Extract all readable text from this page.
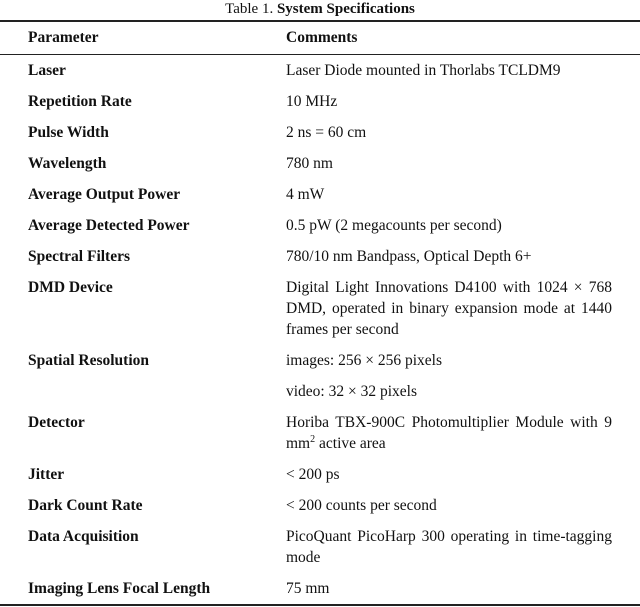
Table 1. System Specifications
Parameter	Comments
Laser	Laser Diode mounted in Thorlabs TCLDM9
Repetition Rate	10 MHz
Pulse Width	2 ns = 60 cm
Wavelength	780 nm
Average Output Power	4 mW
Average Detected Power	0.5 pW (2 megacounts per second)
Spectral Filters	780/10 nm Bandpass, Optical Depth 6+
DMD Device	Digital Light Innovations D4100 with 1024 × 768 DMD, operated in binary expansion mode at 1440 frames per second
Spatial Resolution	images: 256 × 256 pixels
	video: 32 × 32 pixels
Detector	Horiba TBX-900C Photomultiplier Module with 9 $mm^2$ active area
Jitter	< 200 ps
Dark Count Rate	< 200 counts per second
Data Acquisition	PicoQuant PicoHarp 300 operating in time-tagging mode
Imaging Lens Focal Length	75 mm
